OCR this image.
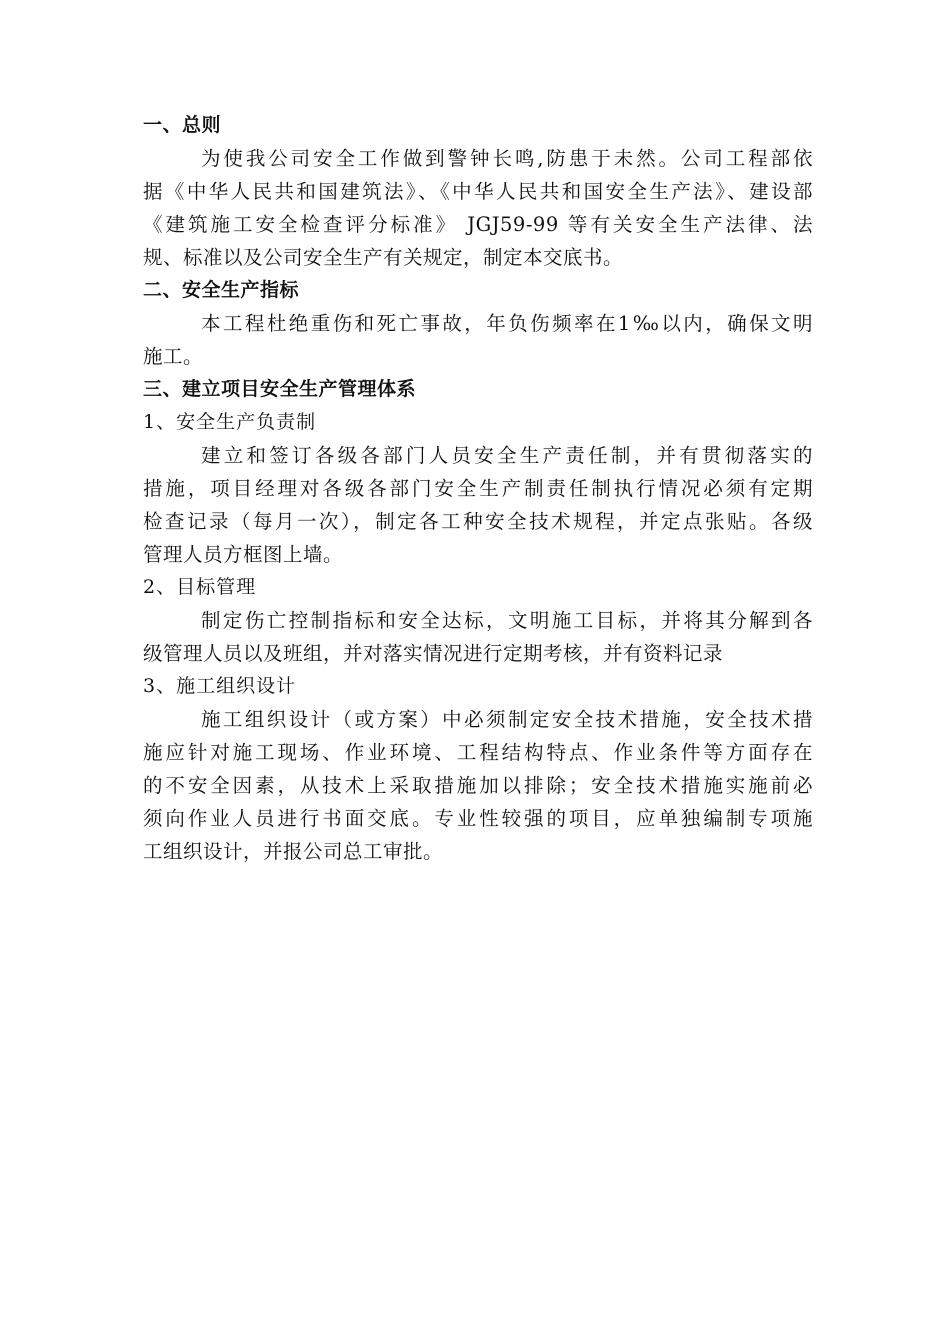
一、总则
为使我公司安全工作做到警钟长鸣,防患于未然。公司工程部依
据《中华人民共和国建筑法》、《中华人民共和国安全生产法》、建设部
《建筑施工安全检查评分标准》 JGJ59-99 等有关安全生产法律、法
规、标准以及公司安全生产有关规定，制定本交底书。
二、安全生产指标
本工程杜绝重伤和死亡事故，年负伤频率在1‰以内，确保文明
施工。
三、建立项目安全生产管理体系
1、安全生产负责制
建立和签订各级各部门人员安全生产责任制，并有贯彻落实的
措施，项目经理对各级各部门安全生产制责任制执行情况必须有定期
检查记录（每月一次），制定各工种安全技术规程，并定点张贴。各级
管理人员方框图上墙。
2、目标管理
制定伤亡控制指标和安全达标，文明施工目标，并将其分解到各
级管理人员以及班组，并对落实情况进行定期考核，并有资料记录
3、施工组织设计
施工组织设计（或方案）中必须制定安全技术措施，安全技术措
施应针对施工现场、作业环境、工程结构特点、作业条件等方面存在
的不安全因素，从技术上采取措施加以排除；安全技术措施实施前必
须向作业人员进行书面交底。专业性较强的项目，应单独编制专项施
工组织设计，并报公司总工审批。
